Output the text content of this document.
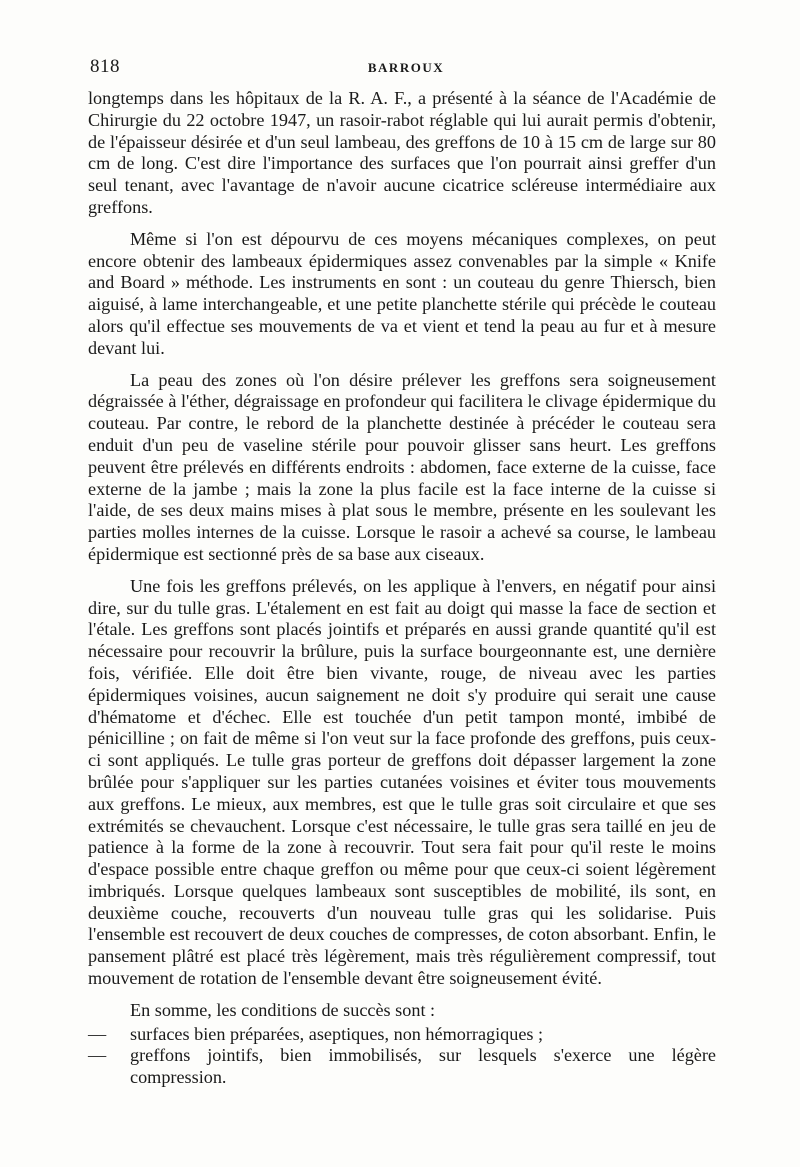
818	BARROUX

longtemps dans les hôpitaux de la R. A. F., a présenté à la séance de l'Académie de Chirurgie du 22 octobre 1947, un rasoir-rabot réglable qui lui aurait permis d'obtenir, de l'épaisseur désirée et d'un seul lambeau, des greffons de 10 à 15 cm de large sur 80 cm de long. C'est dire l'importance des surfaces que l'on pourrait ainsi greffer d'un seul tenant, avec l'avantage de n'avoir aucune cicatrice scléreuse intermédiaire aux greffons.

Même si l'on est dépourvu de ces moyens mécaniques complexes, on peut encore obtenir des lambeaux épidermiques assez convenables par la simple « Knife and Board » méthode. Les instruments en sont : un couteau du genre Thiersch, bien aiguisé, à lame interchangeable, et une petite planchette stérile qui précède le couteau alors qu'il effectue ses mouvements de va et vient et tend la peau au fur et à mesure devant lui.

La peau des zones où l'on désire prélever les greffons sera soigneusement dégraissée à l'éther, dégraissage en profondeur qui facilitera le clivage épidermique du couteau. Par contre, le rebord de la planchette destinée à précéder le couteau sera enduit d'un peu de vaseline stérile pour pouvoir glisser sans heurt. Les greffons peuvent être prélevés en différents endroits : abdomen, face externe de la cuisse, face externe de la jambe ; mais la zone la plus facile est la face interne de la cuisse si l'aide, de ses deux mains mises à plat sous le membre, présente en les soulevant les parties molles internes de la cuisse. Lorsque le rasoir a achevé sa course, le lambeau épidermique est sectionné près de sa base aux ciseaux.

Une fois les greffons prélevés, on les applique à l'envers, en négatif pour ainsi dire, sur du tulle gras. L'étalement en est fait au doigt qui masse la face de section et l'étale. Les greffons sont placés jointifs et préparés en aussi grande quantité qu'il est nécessaire pour recouvrir la brûlure, puis la surface bourgeonnante est, une dernière fois, vérifiée. Elle doit être bien vivante, rouge, de niveau avec les parties épidermiques voisines, aucun saignement ne doit s'y produire qui serait une cause d'hématome et d'échec. Elle est touchée d'un petit tampon monté, imbibé de pénicilline ; on fait de même si l'on veut sur la face profonde des greffons, puis ceux-ci sont appliqués. Le tulle gras porteur de greffons doit dépasser largement la zone brûlée pour s'appliquer sur les parties cutanées voisines et éviter tous mouvements aux greffons. Le mieux, aux membres, est que le tulle gras soit circulaire et que ses extrémités se chevauchent. Lorsque c'est nécessaire, le tulle gras sera taillé en jeu de patience à la forme de la zone à recouvrir. Tout sera fait pour qu'il reste le moins d'espace possible entre chaque greffon ou même pour que ceux-ci soient légèrement imbriqués. Lorsque quelques lambeaux sont susceptibles de mobilité, ils sont, en deuxième couche, recouverts d'un nouveau tulle gras qui les solidarise. Puis l'ensemble est recouvert de deux couches de compresses, de coton absorbant. Enfin, le pansement plâtré est placé très légèrement, mais très régulièrement compressif, tout mouvement de rotation de l'ensemble devant être soigneusement évité.

En somme, les conditions de succès sont :

— surfaces bien préparées, aseptiques, non hémorragiques ;
— greffons jointifs, bien immobilisés, sur lesquels s'exerce une légère compression.
